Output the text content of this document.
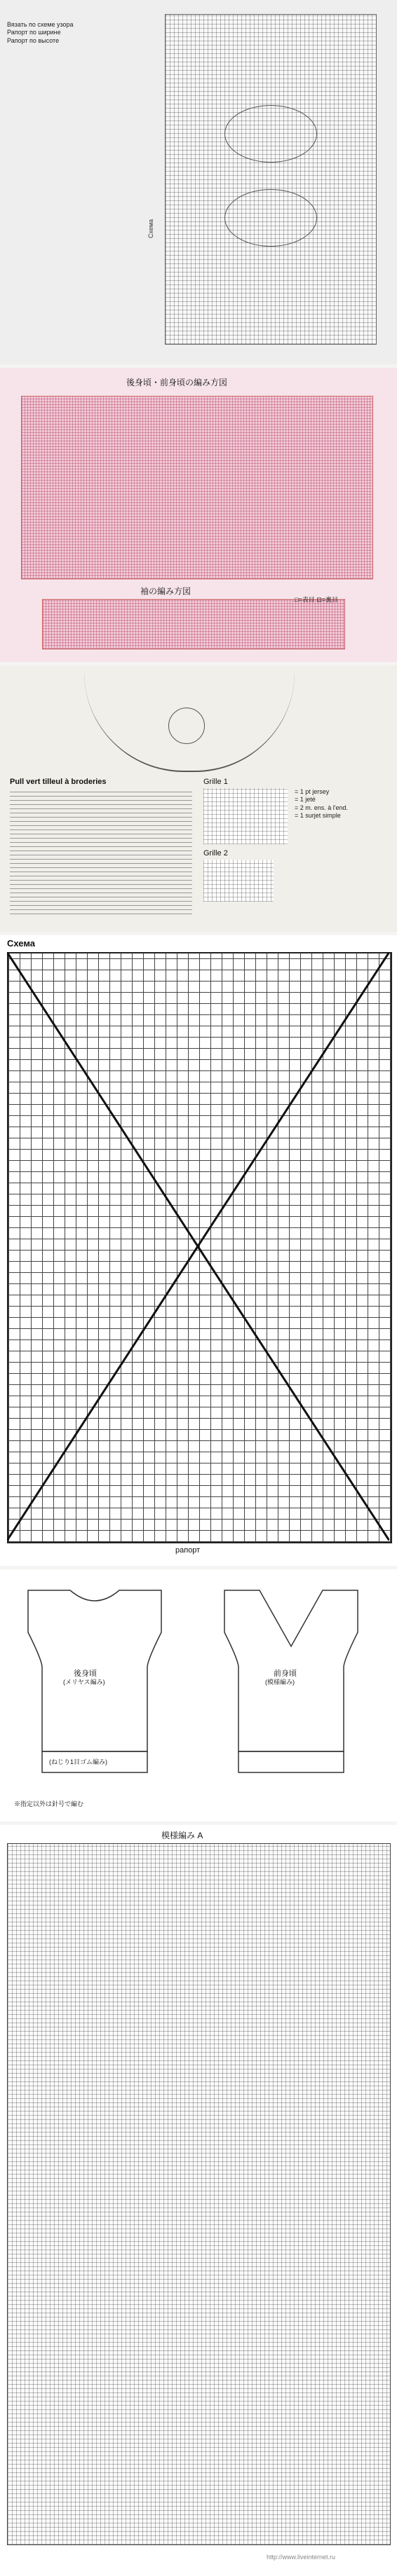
Схема
Вязать по схеме узора
Рапорт по ширине
Рапорт по высоте
後身頃・前身頃の編み方図
袖の編み方図
□=表目 ⊡=裏目
Pull vert tilleul à broderies	Grille 1
Grille 2
= 1 pt jersey
= 1 jeté
= 2 m. ens. à l'end.
= 1 surjet simple
Схема
рапорт
後身頃
(メリヤス編み)
前身頃
(模様編み)
(ねじり1目ゴム編み)
※指定以外は針号で編む
模様編み A
http://www.liveinternet.ru
